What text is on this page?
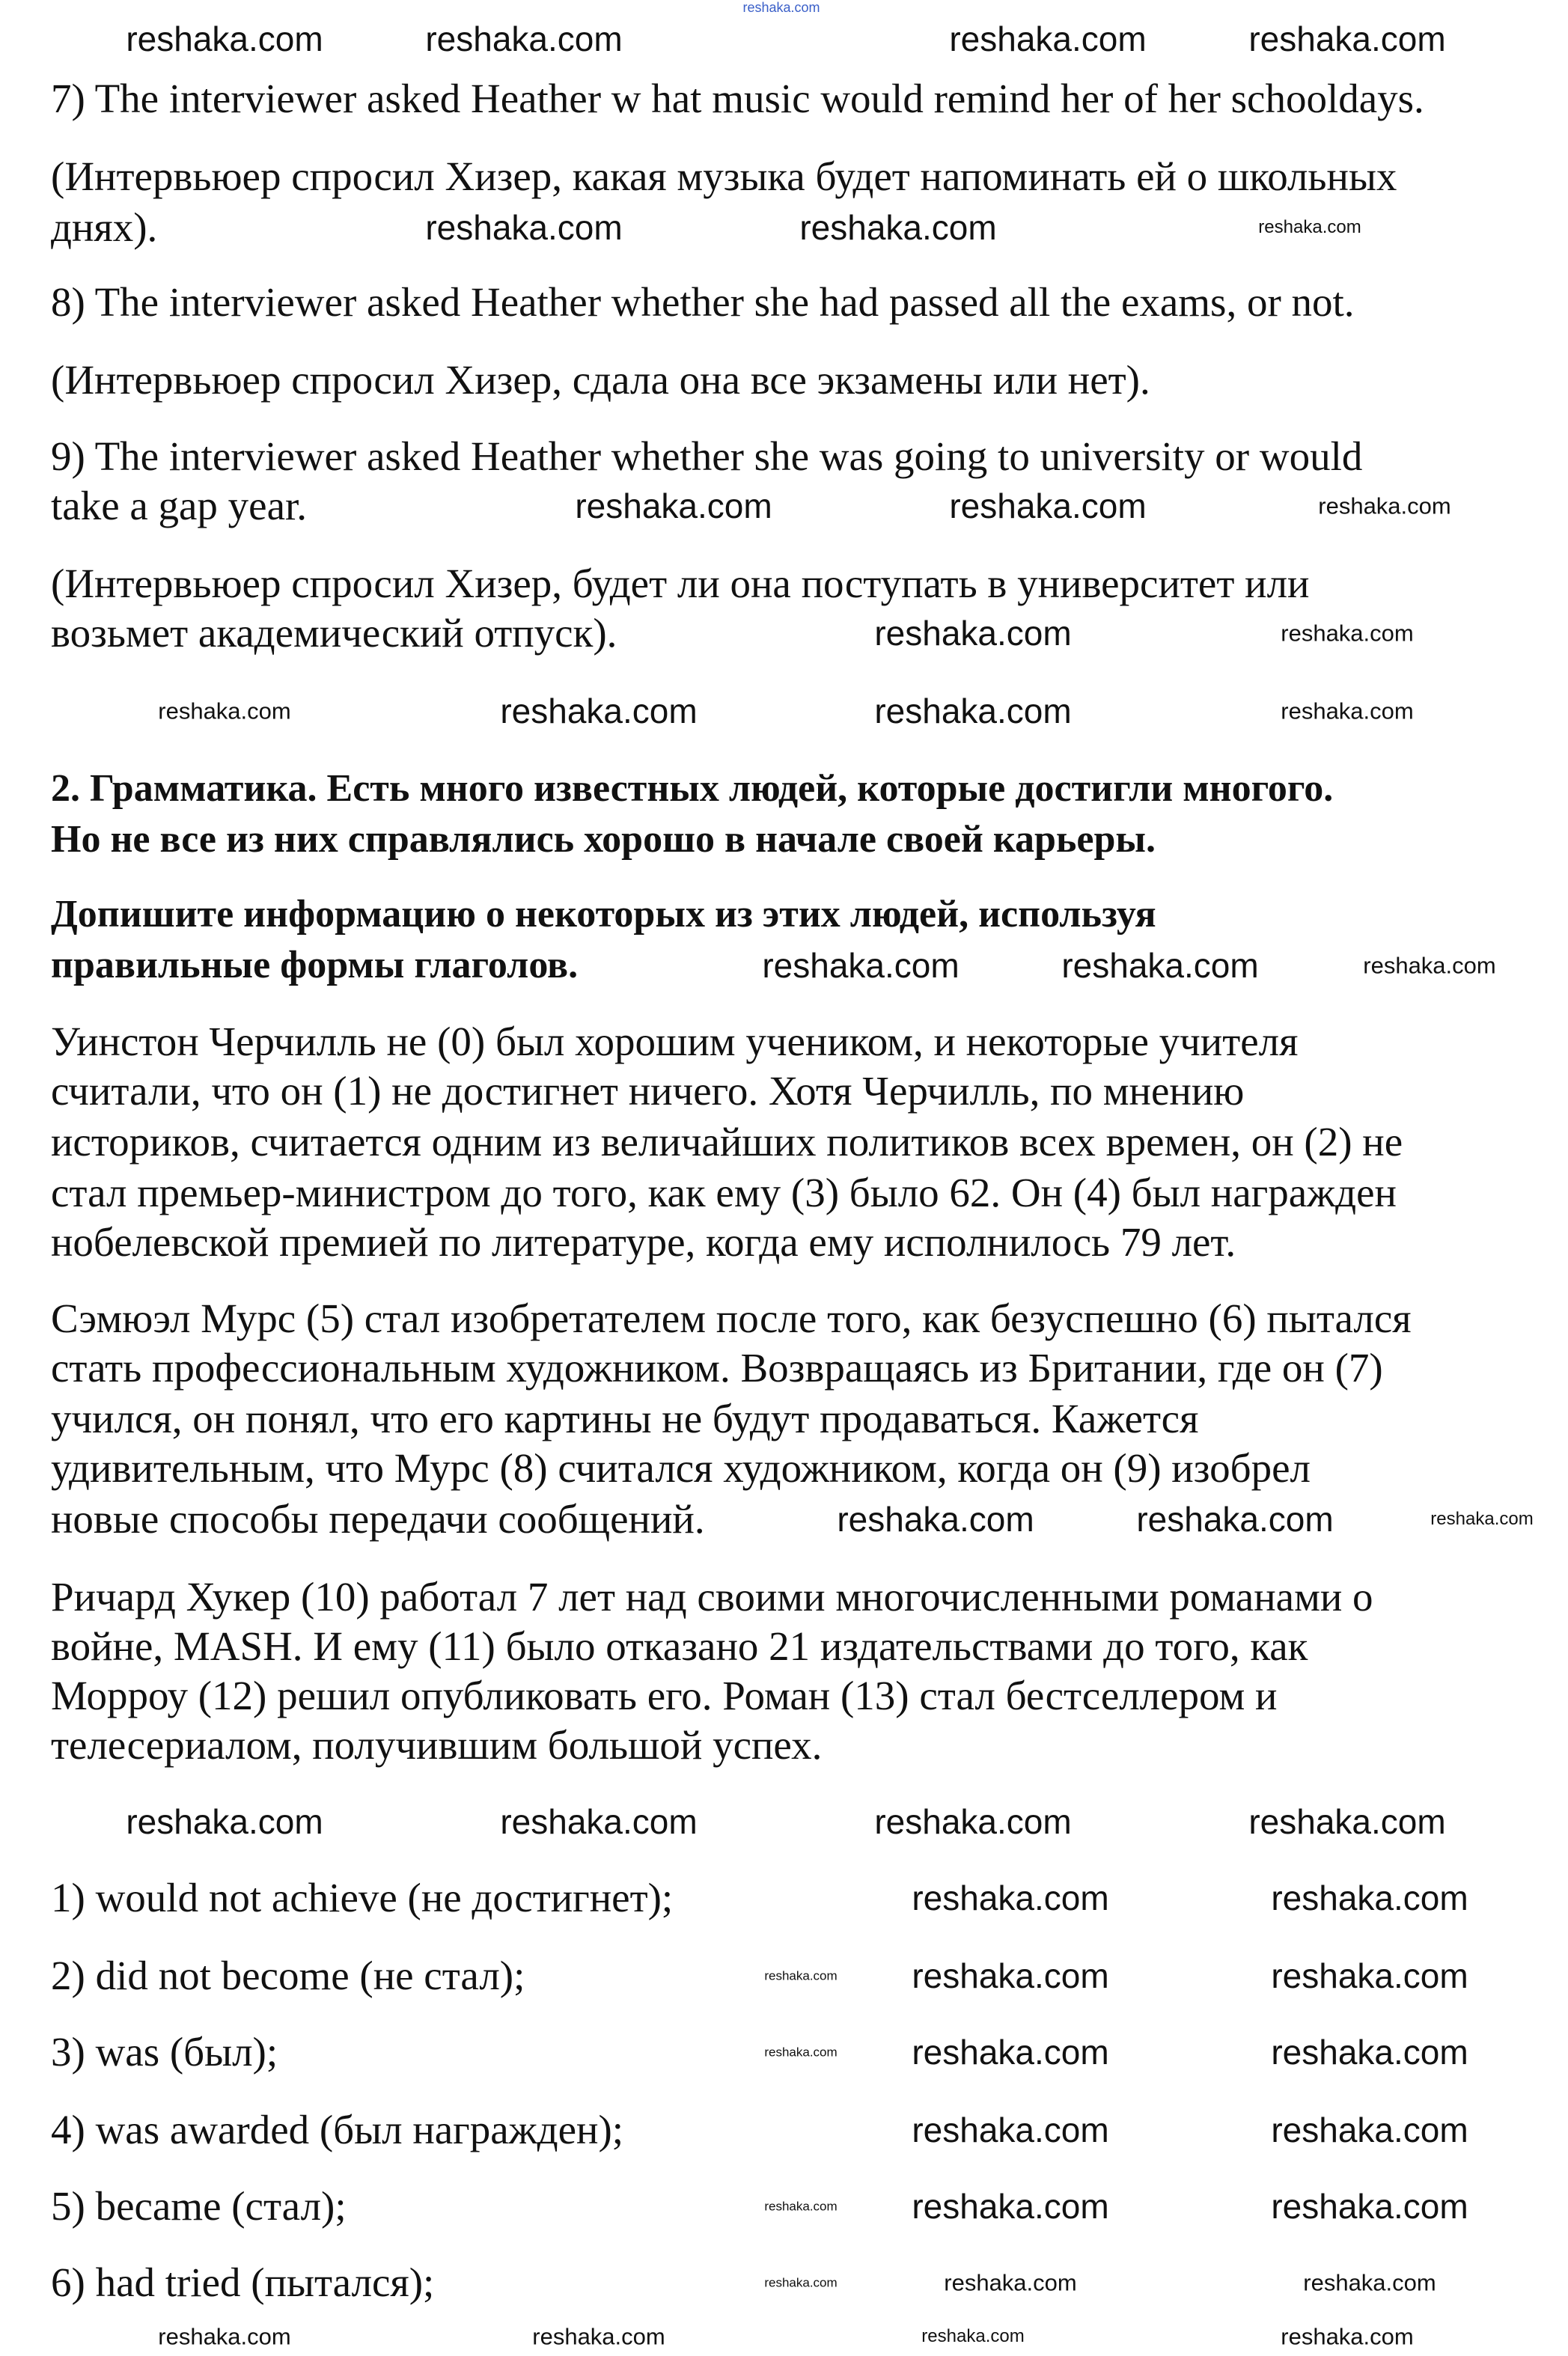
reshaka.com
7) The interviewer asked Heather w hat music would remind her of her schooldays.
(Интервьюер спросил Хизер, какая музыка будет напоминать ей о школьных
днях).
8) The interviewer asked Heather whether she had passed all the exams, or not.
(Интервьюер спросил Хизер, сдала она все экзамены или нет).
9) The interviewer asked Heather whether she was going to university or would
take a gap year.
(Интервьюер спросил Хизер, будет ли она поступать в университет или
возьмет академический отпуск).
2. Грамматика. Есть много известных людей, которые достигли многого.
Но не все из них справлялись хорошо в начале своей карьеры.
Допишите информацию о некоторых из этих людей, используя
правильные формы глаголов.
Уинстон Черчилль не (0) был хорошим учеником, и некоторые учителя
считали, что он (1) не достигнет ничего. Хотя Черчилль, по мнению
историков, считается одним из величайших политиков всех времен, он (2) не
стал премьер-министром до того, как ему (3) было 62. Он (4) был награжден
нобелевской премией по литературе, когда ему исполнилось 79 лет.
Сэмюэл Мурс (5) стал изобретателем после того, как безуспешно (6) пытался
стать профессиональным художником. Возвращаясь из Британии, где он (7)
учился, он понял, что его картины не будут продаваться. Кажется
удивительным, что Мурс (8) считался художником, когда он (9) изобрел
новые способы передачи сообщений.
Ричард Хукер (10) работал 7 лет над своими многочисленными романами о
войне, MASH. И ему (11) было отказано 21 издательствами до того, как
Морроу (12) решил опубликовать его. Роман (13) стал бестселлером и
телесериалом, получившим большой успех.
1) would not achieve (не достигнет);
2) did not become (не стал);
3) was (был);
4) was awarded (был награжден);
5) became (стал);
6) had tried (пытался);
reshaka.com	reshaka.com	reshaka.com	reshaka.com
reshaka.com	reshaka.com	reshaka.com
reshaka.com	reshaka.com	reshaka.com
reshaka.com	reshaka.com
reshaka.com	reshaka.com	reshaka.com	reshaka.com
reshaka.com	reshaka.com	reshaka.com
reshaka.com	reshaka.com	reshaka.com
reshaka.com	reshaka.com	reshaka.com	reshaka.com
reshaka.com	reshaka.com
reshaka.com	reshaka.com
reshaka.com	reshaka.com
reshaka.com	reshaka.com
reshaka.com	reshaka.com
reshaka.com	reshaka.com
reshaka.com
reshaka.com
reshaka.com
reshaka.com
reshaka.com	reshaka.com	reshaka.com	reshaka.com
